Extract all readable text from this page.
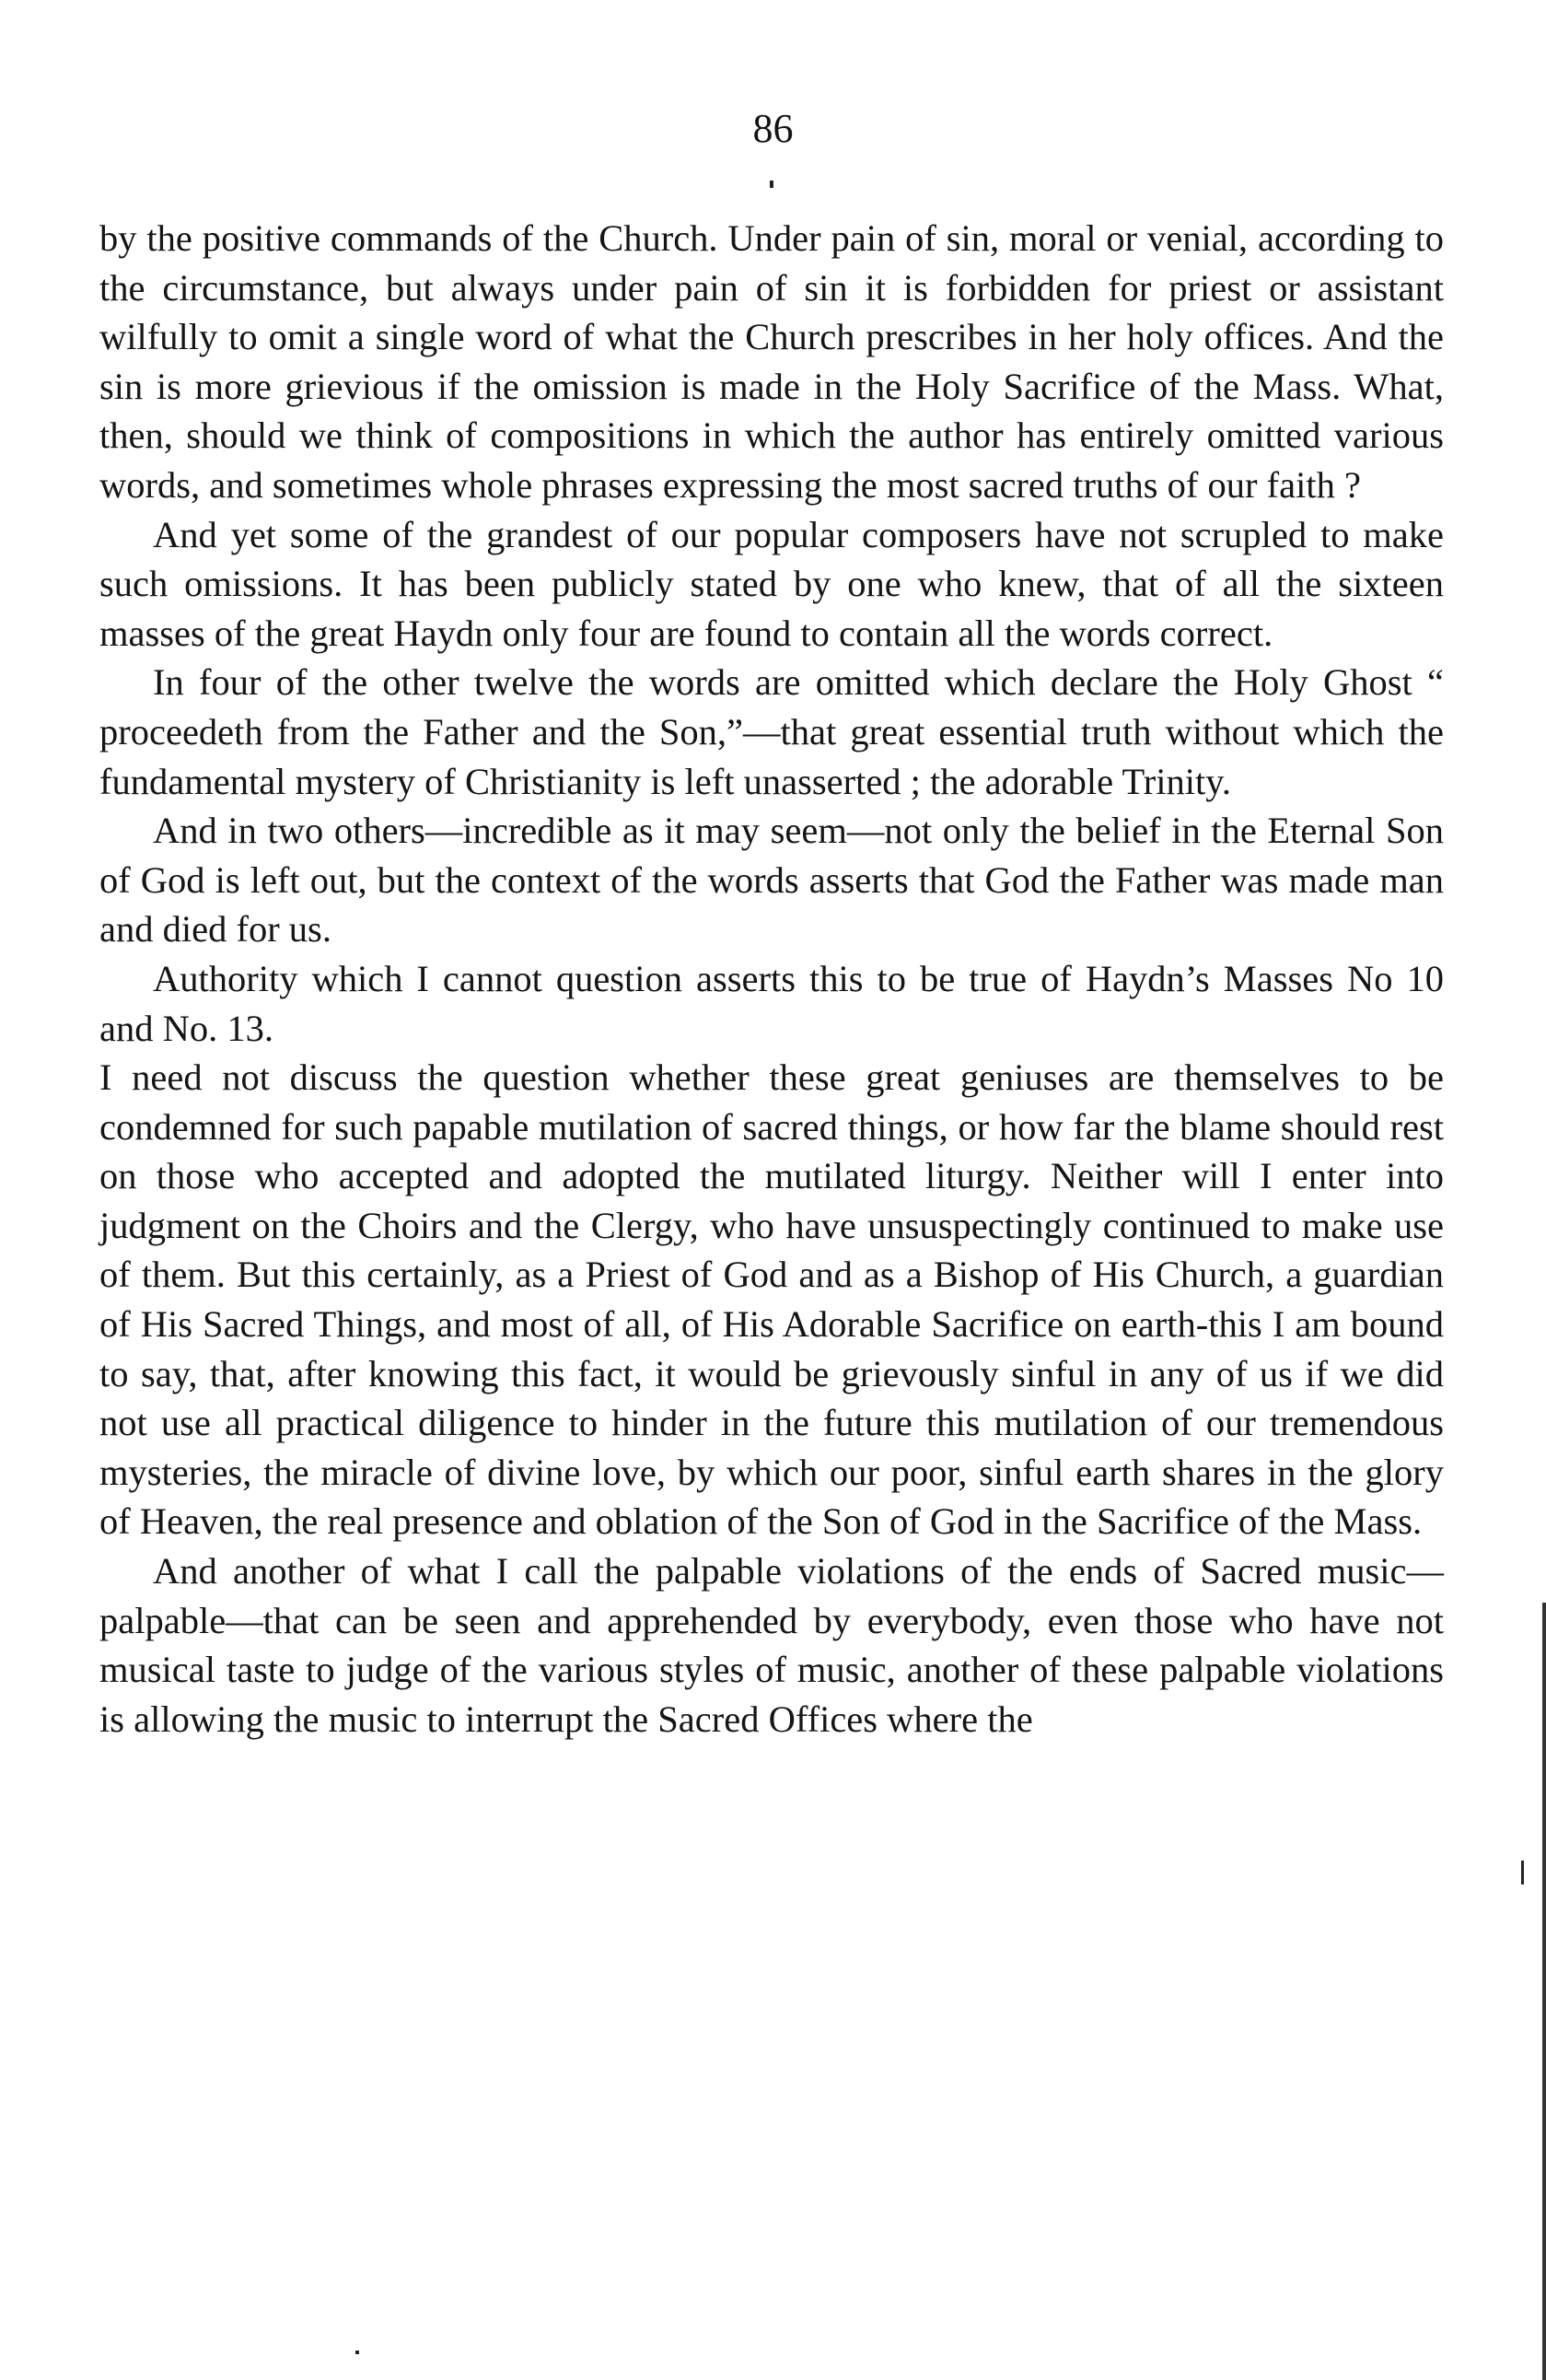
86

by the positive commands of the Church. Under pain of sin, moral or venial, according to the circumstance, but always under pain of sin it is forbidden for priest or assistant wilfully to omit a single word of what the Church prescribes in her holy offices. And the sin is more grievious if the omission is made in the Holy Sacrifice of the Mass. What, then, should we think of compositions in which the author has entirely omitted various words, and sometimes whole phrases expressing the most sacred truths of our faith ?

And yet some of the grandest of our popular composers have not scrupled to make such omissions. It has been publicly stated by one who knew, that of all the sixteen masses of the great Haydn only four are found to contain all the words correct.

In four of the other twelve the words are omitted which declare the Holy Ghost “ proceedeth from the Father and the Son,”—that great essential truth without which the fundamental mystery of Christianity is left unasserted ; the adorable Trinity.

And in two others—incredible as it may seem—not only the belief in the Eternal Son of God is left out, but the context of the words asserts that God the Father was made man and died for us.

Authority which I cannot question asserts this to be true of Haydn’s Masses No 10 and No. 13.

I need not discuss the question whether these great geniuses are themselves to be condemned for such papable mutilation of sacred things, or how far the blame should rest on those who accepted and adopted the mutilated liturgy. Neither will I enter into judgment on the Choirs and the Clergy, who have unsuspectingly continued to make use of them. But this certainly, as a Priest of God and as a Bishop of His Church, a guardian of His Sacred Things, and most of all, of His Adorable Sacrifice on earth-this I am bound to say, that, after knowing this fact, it would be grievously sinful in any of us if we did not use all practical diligence to hinder in the future this mutilation of our tremendous mysteries, the miracle of divine love, by which our poor, sinful earth shares in the glory of Heaven, the real presence and oblation of the Son of God in the Sacrifice of the Mass.

And another of what I call the palpable violations of the ends of Sacred music—palpable—that can be seen and apprehended by everybody, even those who have not musical taste to judge of the various styles of music, another of these palpable violations is allowing the music to interrupt the Sacred Offices where the
